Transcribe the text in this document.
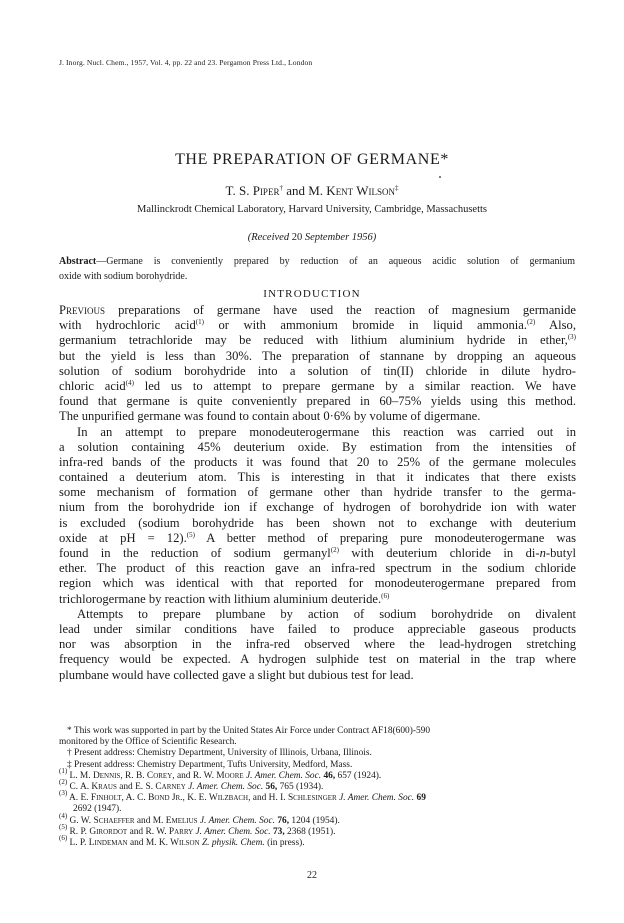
J. Inorg. Nucl. Chem., 1957, Vol. 4, pp. 22 and 23. Pergamon Press Ltd., London
THE PREPARATION OF GERMANE*
T. S. Piper† and M. Kent Wilson‡
Mallinckrodt Chemical Laboratory, Harvard University, Cambridge, Massachusetts
(Received 20 September 1956)
Abstract—Germane is conveniently prepared by reduction of an aqueous acidic solution of germanium
oxide with sodium borohydride.
INTRODUCTION
Previous preparations of germane have used the reaction of magnesium germanide
with hydrochloric acid$^{(1)}$ or with ammonium bromide in liquid ammonia.$^{(2)}$ Also,
germanium tetrachloride may be reduced with lithium aluminium hydride in ether,$^{(3)}$
but the yield is less than 30%. The preparation of stannane by dropping an aqueous
solution of sodium borohydride into a solution of tin(II) chloride in dilute hydro-
chloric acid$^{(4)}$ led us to attempt to prepare germane by a similar reaction. We have
found that germane is quite conveniently prepared in 60–75% yields using this method.
The unpurified germane was found to contain about 0·6% by volume of digermane.
In an attempt to prepare monodeuterogermane this reaction was carried out in
a solution containing 45% deuterium oxide. By estimation from the intensities of
infra-red bands of the products it was found that 20 to 25% of the germane molecules
contained a deuterium atom. This is interesting in that it indicates that there exists
some mechanism of formation of germane other than hydride transfer to the germa-
nium from the borohydride ion if exchange of hydrogen of borohydride ion with water
is excluded (sodium borohydride has been shown not to exchange with deuterium
oxide at pH = 12).$^{(5)}$ A better method of preparing pure monodeuterogermane was
found in the reduction of sodium germanyl$^{(2)}$ with deuterium chloride in di-n-butyl
ether. The product of this reaction gave an infra-red spectrum in the sodium chloride
region which was identical with that reported for monodeuterogermane prepared from
trichlorogermane by reaction with lithium aluminium deuteride.$^{(6)}$
Attempts to prepare plumbane by action of sodium borohydride on divalent
lead under similar conditions have failed to produce appreciable gaseous products
nor was absorption in the infra-red observed where the lead-hydrogen stretching
frequency would be expected. A hydrogen sulphide test on material in the trap where
plumbane would have collected gave a slight but dubious test for lead.
* This work was supported in part by the United States Air Force under Contract AF18(600)-590
monitored by the Office of Scientific Research.
† Present address: Chemistry Department, University of Illinois, Urbana, Illinois.
‡ Present address: Chemistry Department, Tufts University, Medford, Mass.
$^{(1)}$ L. M. Dennis, R. B. Corey, and R. W. Moore J. Amer. Chem. Soc. 46, 657 (1924).
$^{(2)}$ C. A. Kraus and E. S. Carney J. Amer. Chem. Soc. 56, 765 (1934).
$^{(3)}$ A. E. Finholt, A. C. Bond Jr., K. E. Wilzbach, and H. I. Schlesinger J. Amer. Chem. Soc. 69
2692 (1947).
$^{(4)}$ G. W. Schaeffer and M. Emelius J. Amer. Chem. Soc. 76, 1204 (1954).
$^{(5)}$ R. P. Girordot and R. W. Parry J. Amer. Chem. Soc. 73, 2368 (1951).
$^{(6)}$ L. P. Lindeman and M. K. Wilson Z. physik. Chem. (in press).
22
